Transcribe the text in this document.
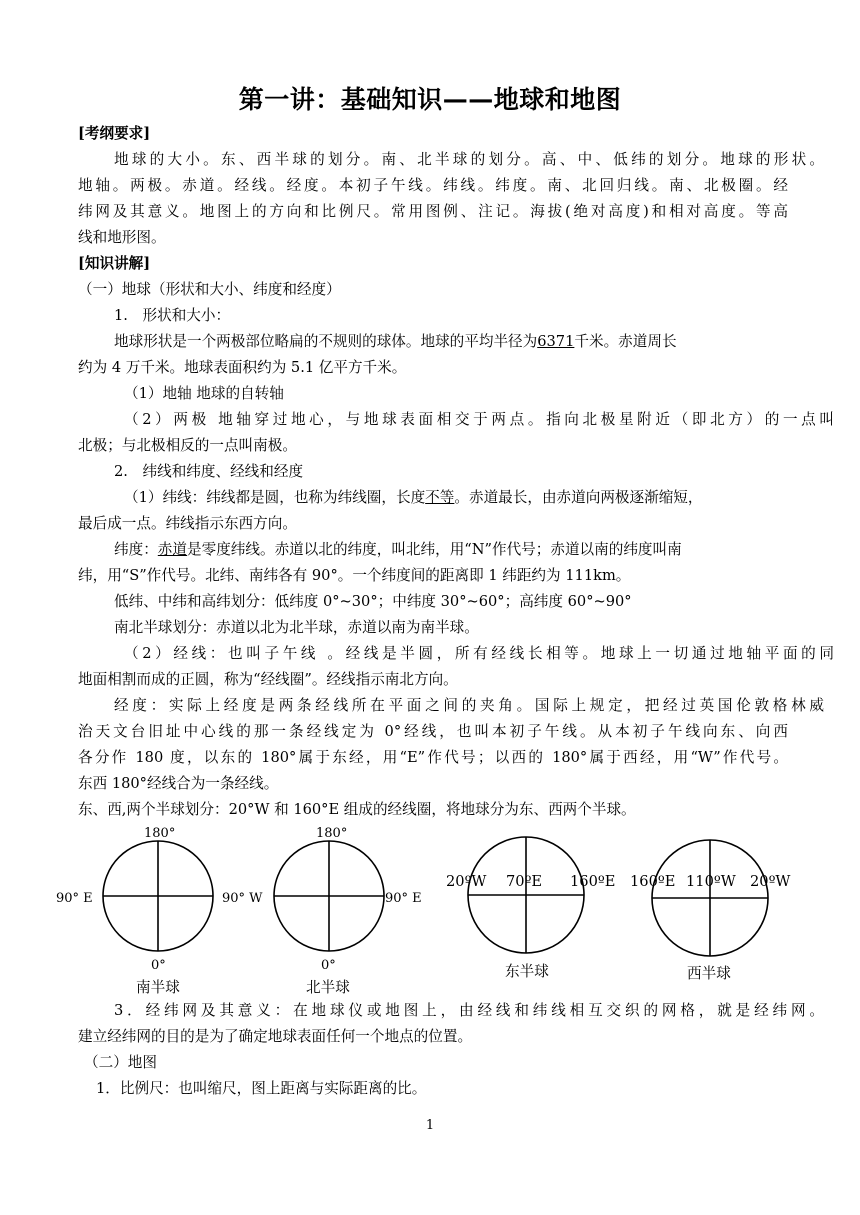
第一讲：基础知识——地球和地图
[考纲要求]
地球的大小。东、西半球的划分。南、北半球的划分。高、中、低纬的划分。地球的形状。
地轴。两极。赤道。经线。经度。本初子午线。纬线。纬度。南、北回归线。南、北极圈。经
纬网及其意义。地图上的方向和比例尺。常用图例、注记。海拔(绝对高度)和相对高度。等高
线和地形图。
[知识讲解]
（一）地球（形状和大小、纬度和经度）
1.　形状和大小：
地球形状是一个两极部位略扁的不规则的球体。地球的平均半径为6371千米。赤道周长
约为 4 万千米。地球表面积约为 5.1 亿平方千米。
（1）地轴 地球的自转轴
（2）两极 地轴穿过地心，与地球表面相交于两点。指向北极星附近（即北方）的一点叫
北极；与北极相反的一点叫南极。
2.　纬线和纬度、经线和经度
（1）纬线：纬线都是圆，也称为纬线圈，长度不等。赤道最长，由赤道向两极逐渐缩短，
最后成一点。纬线指示东西方向。
纬度：赤道是零度纬线。赤道以北的纬度，叫北纬，用“N”作代号；赤道以南的纬度叫南
纬，用“S”作代号。北纬、南纬各有 90°。一个纬度间的距离即 1 纬距约为 111km。
低纬、中纬和高纬划分：低纬度 0°~30°；中纬度 30°~60°；高纬度 60°~90°
南北半球划分：赤道以北为北半球，赤道以南为南半球。
（2）经线：也叫子午线 。经线是半圆，所有经线长相等。地球上一切通过地轴平面的同
地面相割而成的正圆，称为“经线圈”。经线指示南北方向。
经度：实际上经度是两条经线所在平面之间的夹角。国际上规定，把经过英国伦敦格林威
治天文台旧址中心线的那一条经线定为 0°经线，也叫本初子午线。从本初子午线向东、向西
各分作 180 度，以东的 180°属于东经，用“E”作代号；以西的 180°属于西经，用“W”作代号。
东西 180°经线合为一条经线。
东、西,两个半球划分：20°W 和 160°E 组成的经线圈，将地球分为东、西两个半球。
180°
90° E	90° W
0°
南半球
180°
90° E
0°
北半球
20ºW 70ºE 160ºE
东半球
160ºE 110ºW 20ºW
西半球
3．经纬网及其意义：在地球仪或地图上，由经线和纬线相互交织的网格，就是经纬网。
建立经纬网的目的是为了确定地球表面任何一个地点的位置。
（二）地图
1．比例尺：也叫缩尺，图上距离与实际距离的比。
1
